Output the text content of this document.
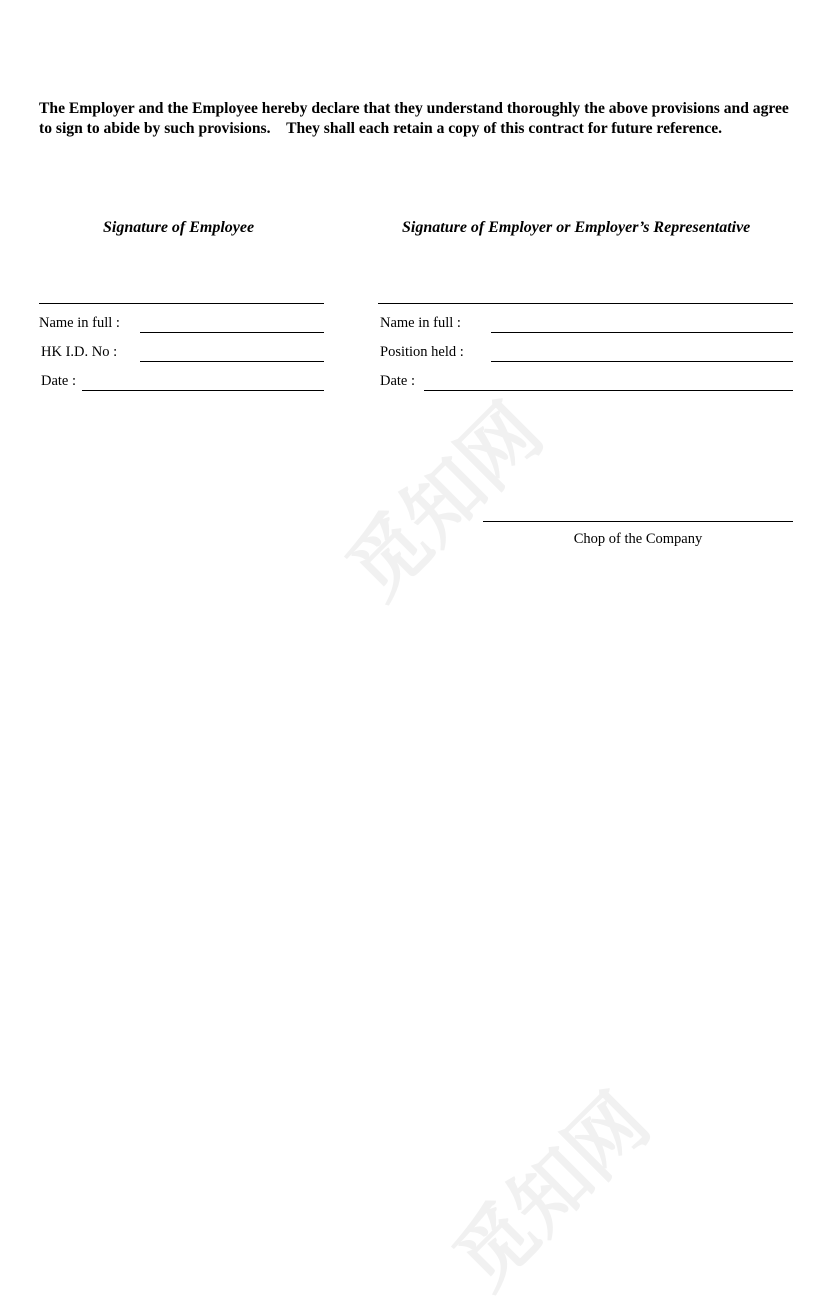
觅知网
觅知网

The Employer and the Employee hereby declare that they understand thoroughly the above provisions and agree to sign to abide by such provisions.    They shall each retain a copy of this contract for future reference.

Signature of Employee
Name in full :
HK I.D. No :
Date :
Signature of Employer or Employer’s Representative
Name in full :
Position held :
Date :
Chop of the Company
